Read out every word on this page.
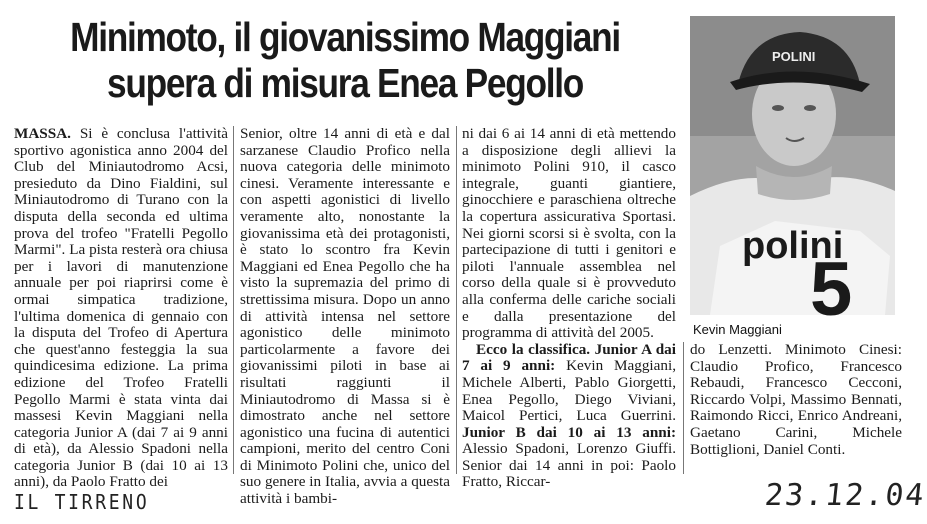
Minimoto, il giovanissimo Maggiani
supera di misura Enea Pegollo

MASSA. Si è conclusa l'attività sportivo agonistica anno 2004 del Club del Miniautodromo Acsi, presieduto da Dino Fialdini, sul Miniautodromo di Turano con la disputa della seconda ed ultima prova del trofeo "Fratelli Pegollo Marmi". La pista resterà ora chiusa per i lavori di manutenzione annuale per poi riaprirsi come è ormai simpatica tradizione, l'ultima domenica di gennaio con la disputa del Trofeo di Apertura che quest'anno festeggia la sua quindicesima edizione. La prima edizione del Trofeo Fratelli Pegollo Marmi è stata vinta dai massesi Kevin Maggiani nella categoria Junior A (dai 7 ai 9 anni di età), da Alessio Spadoni nella categoria Junior B (dai 10 ai 13 anni), da Paolo Fratto dei

Senior, oltre 14 anni di età e dal sarzanese Claudio Profico nella nuova categoria delle minimoto cinesi. Veramente interessante e con aspetti agonistici di livello veramente alto, nonostante la giovanissima età dei protagonisti, è stato lo scontro fra Kevin Maggiani ed Enea Pegollo che ha visto la supremazia del primo di strettissima misura. Dopo un anno di attività intensa nel settore agonistico delle minimoto particolarmente a favore dei giovanissimi piloti in base ai risultati raggiunti il Miniautodromo di Massa si è dimostrato anche nel settore agonistico una fucina di autentici campioni, merito del centro Coni di Minimoto Polini che, unico del suo genere in Italia, avvia a questa attività i bambi-

ni dai 6 ai 14 anni di età mettendo a disposizione degli allievi la minimoto Polini 910, il casco integrale, guanti giantiere, ginocchiere e paraschiena oltreche la copertura assicurativa Sportasi. Nei giorni scorsi si è svolta, con la partecipazione di tutti i genitori e piloti l'annuale assemblea nel corso della quale si è provveduto alla conferma delle cariche sociali e dalla presentazione del programma di attività del 2005.

Ecco la classifica. Junior A dai 7 ai 9 anni: Kevin Maggiani, Michele Alberti, Pablo Giorgetti, Enea Pegollo, Diego Viviani, Maicol Pertici, Luca Guerrini. Junior B dai 10 ai 13 anni: Alessio Spadoni, Lorenzo Giuffi. Senior dai 14 anni in poi: Paolo Fratto, Riccar-

do Lenzetti. Minimoto Cinesi: Claudio Profico, Francesco Rebaudi, Francesco Cecconi, Riccardo Volpi, Massimo Bennati, Raimondo Ricci, Enrico Andreani, Gaetano Carini, Michele Bottiglioni, Daniel Conti.

polini
5
POLINI
Kevin Maggiani
IL TIRRENO	23.12.04
